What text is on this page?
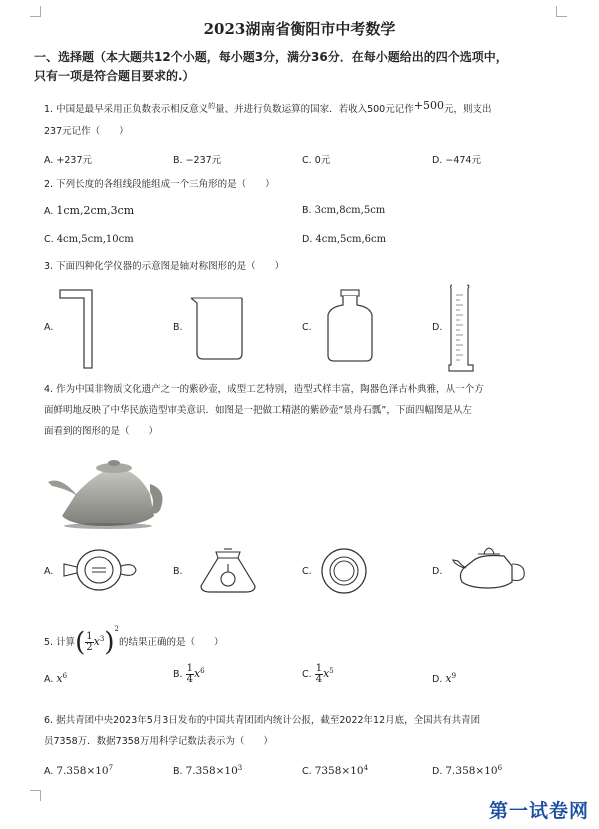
2023湖南省衡阳市中考数学
一、选择题（本大题共12个小题，每小题3分，满分36分．在每小题给出的四个选项中，
只有一项是符合题目要求的.）
1. 中国是最早采用正负数表示相反意义$^的$量、并进行负数运算的国家．若收入500元记作+500元，则支出
237元记作（　　）
A. +237元	B. −237元	C. 0元	D. −474元
2. 下列长度的各组线段能组成一个三角形的是（　　）
A. 1cm,2cm,3cm	B. 3cm,8cm,5cm
C. 4cm,5cm,10cm	D. 4cm,5cm,6cm
3. 下面四种化学仪器的示意图是轴对称图形的是（　　）
A.	B.	C.	D.
4. 作为中国非物质文化遗产之一的紫砂壶，成型工艺特别，造型式样丰富，陶器色泽古朴典雅，从一个方
面鲜明地反映了中华民族造型审美意识．如图是一把做工精湛的紫砂壶“景舟石瓢”，下面四幅图是从左
面看到的图形的是（　　）
A.	B.	C.	D.
5. 计算( $\frac{1}{2} x^3)^2$的结果正确的是（　　）
A. $x^6$	B. $\frac{1}{4} x^6$	C. $\frac{1}{4} x^5$
D. $x^9$
6. 据共青团中央2023年5月3日发布的中国共青团团内统计公报，截至2022年12月底，全国共有共青团
员7358万．数据7358万用科学记数法表示为（　　）
A. $7.358\times 10^7$	B. $7.358\times 10^3$	C. $7358\times 10^4$	D. $7.358\times 10^6$
第一试卷网
